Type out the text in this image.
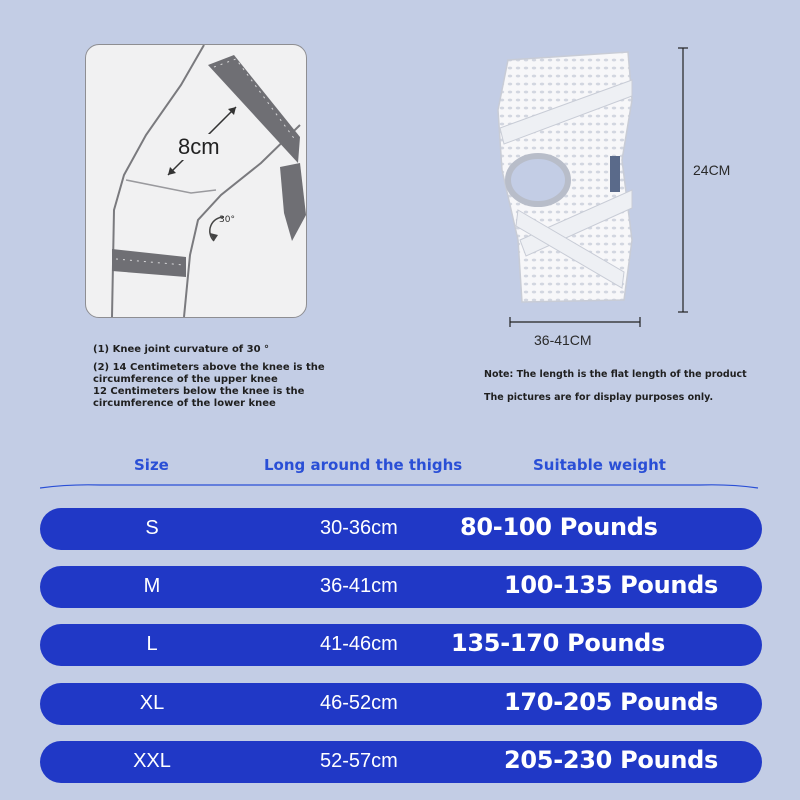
8cm
30°

(1) Knee joint curvature of 30 °

(2) 14 Centimeters above the knee is the circumference of the upper knee

12 Centimeters below the knee is the circumference of the lower knee

24CM
36-41CM
Note: The length is the flat length of the product
The pictures are for display purposes only.
Size	Long around the thighs	Suitable weight
S	30-36cm	80-100 Pounds
M	36-41cm	100-135 Pounds
L	41-46cm 135-170 Pounds
XL	46-52cm	170-205 Pounds
XXL	52-57cm	205-230 Pounds
